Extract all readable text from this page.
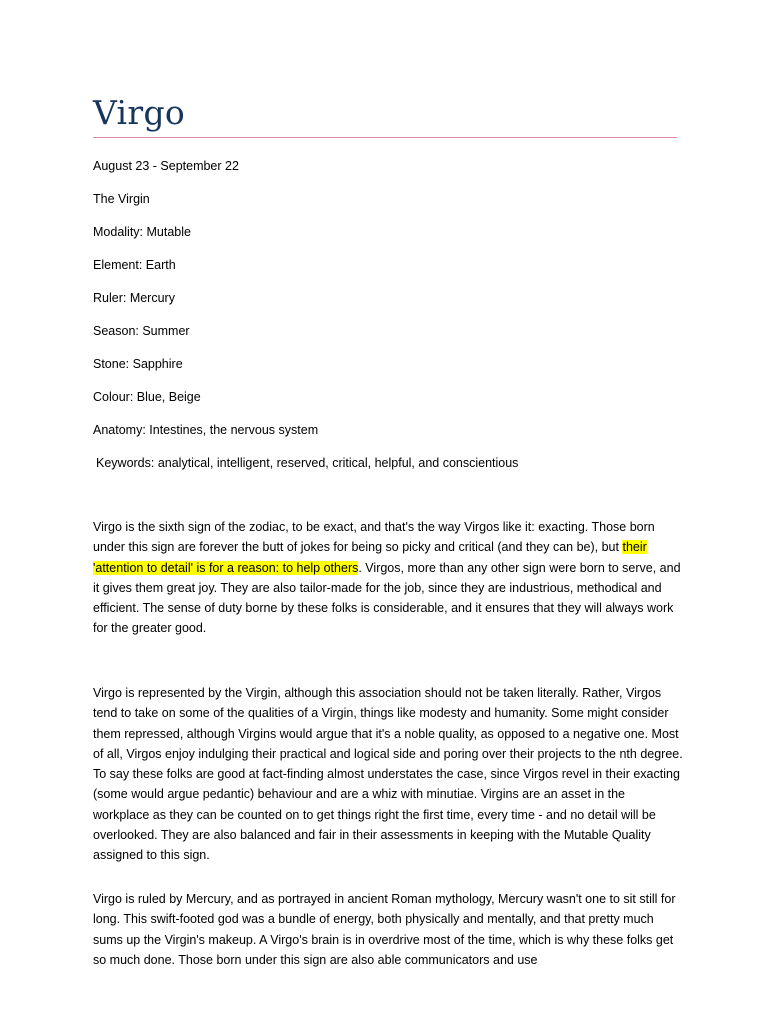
Virgo
August 23 - September 22
The Virgin
Modality: Mutable
Element: Earth
Ruler: Mercury
Season: Summer
Stone: Sapphire
Colour: Blue, Beige
Anatomy: Intestines, the nervous system
Keywords: analytical, intelligent, reserved, critical, helpful, and conscientious

Virgo is the sixth sign of the zodiac, to be exact, and that's the way Virgos like it: exacting. Those born under this sign are forever the butt of jokes for being so picky and critical (and they can be), but their 'attention to detail' is for a reason: to help others. Virgos, more than any other sign were born to serve, and it gives them great joy. They are also tailor-made for the job, since they are industrious, methodical and efficient. The sense of duty borne by these folks is considerable, and it ensures that they will always work for the greater good.

Virgo is represented by the Virgin, although this association should not be taken literally. Rather, Virgos tend to take on some of the qualities of a Virgin, things like modesty and humanity. Some might consider them repressed, although Virgins would argue that it's a noble quality, as opposed to a negative one. Most of all, Virgos enjoy indulging their practical and logical side and poring over their projects to the nth degree. To say these folks are good at fact-finding almost understates the case, since Virgos revel in their exacting (some would argue pedantic) behaviour and are a whiz with minutiae. Virgins are an asset in the workplace as they can be counted on to get things right the first time, every time - and no detail will be overlooked. They are also balanced and fair in their assessments in keeping with the Mutable Quality assigned to this sign.

Virgo is ruled by Mercury, and as portrayed in ancient Roman mythology, Mercury wasn't one to sit still for long. This swift-footed god was a bundle of energy, both physically and mentally, and that pretty much sums up the Virgin's makeup. A Virgo's brain is in overdrive most of the time, which is why these folks get so much done. Those born under this sign are also able communicators and use
